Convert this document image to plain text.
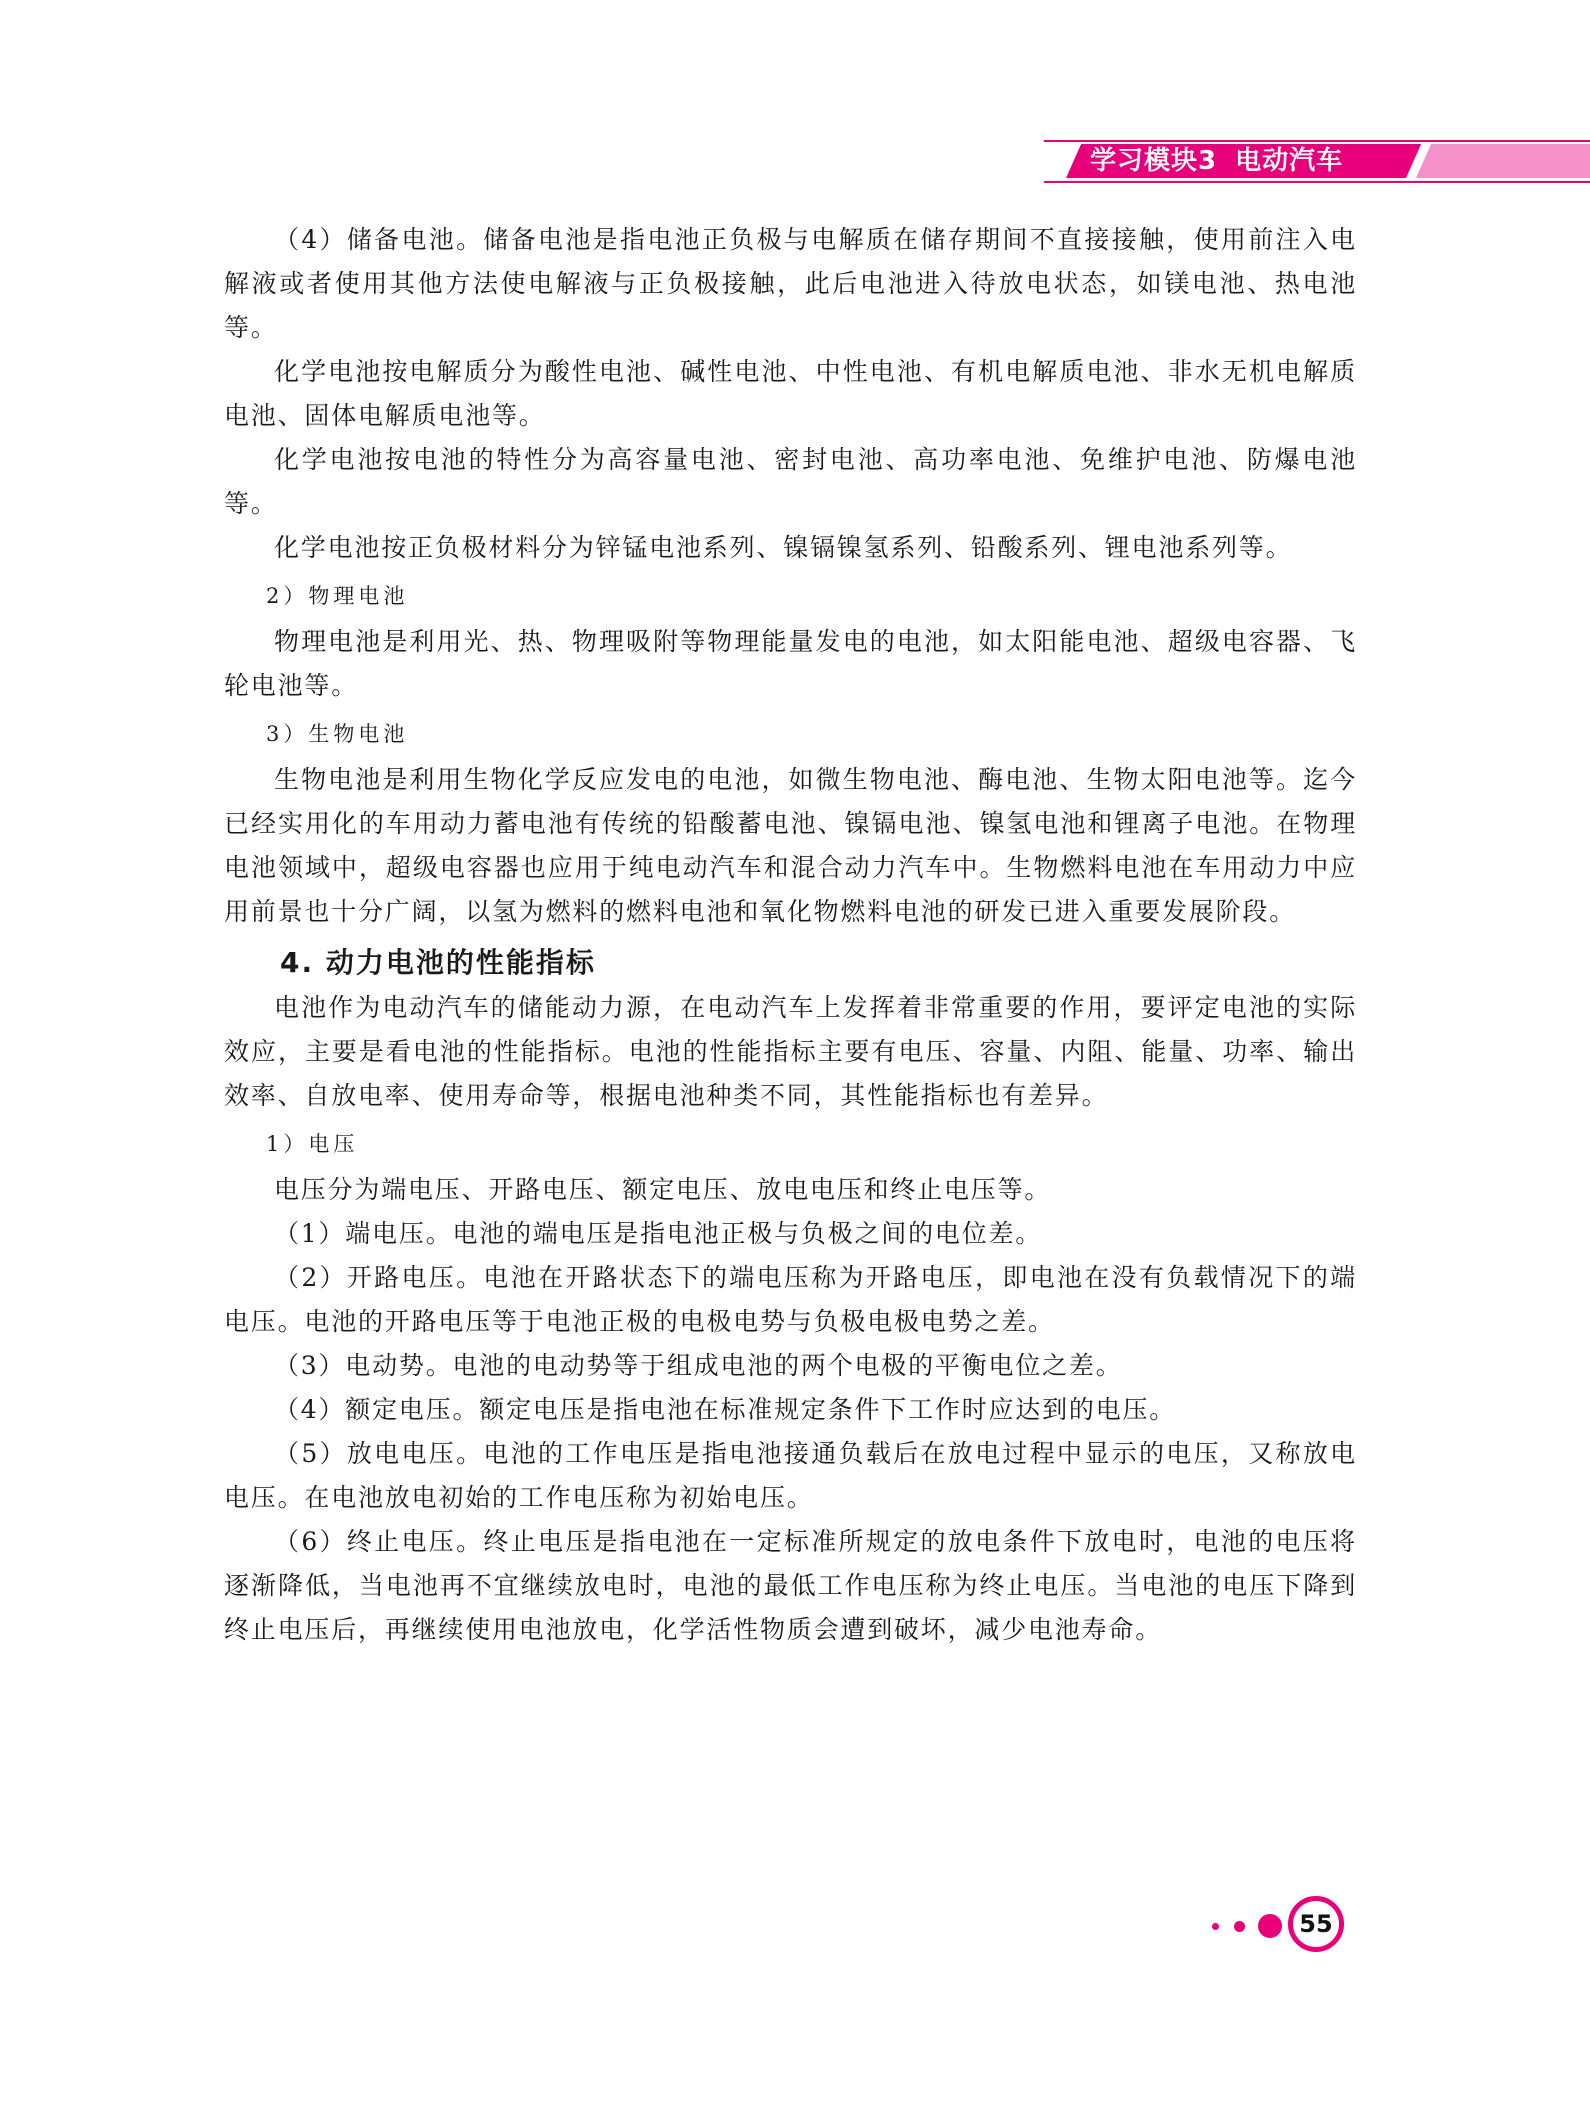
学习模块3 电动汽车

（4）储备电池。储备电池是指电池正负极与电解质在储存期间不直接接触，使用前注入电解液或者使用其他方法使电解液与正负极接触，此后电池进入待放电状态，如镁电池、热电池等。

化学电池按电解质分为酸性电池、碱性电池、中性电池、有机电解质电池、非水无机电解质电池、固体电解质电池等。

化学电池按电池的特性分为高容量电池、密封电池、高功率电池、免维护电池、防爆电池等。

化学电池按正负极材料分为锌锰电池系列、镍镉镍氢系列、铅酸系列、锂电池系列等。

2）物理电池

物理电池是利用光、热、物理吸附等物理能量发电的电池，如太阳能电池、超级电容器、飞轮电池等。

3）生物电池

生物电池是利用生物化学反应发电的电池，如微生物电池、酶电池、生物太阳电池等。迄今已经实用化的车用动力蓄电池有传统的铅酸蓄电池、镍镉电池、镍氢电池和锂离子电池。在物理电池领域中，超级电容器也应用于纯电动汽车和混合动力汽车中。生物燃料电池在车用动力中应用前景也十分广阔，以氢为燃料的燃料电池和氧化物燃料电池的研发已进入重要发展阶段。

4. 动力电池的性能指标

电池作为电动汽车的储能动力源，在电动汽车上发挥着非常重要的作用，要评定电池的实际效应，主要是看电池的性能指标。电池的性能指标主要有电压、容量、内阻、能量、功率、输出效率、自放电率、使用寿命等，根据电池种类不同，其性能指标也有差异。

1）电压

电压分为端电压、开路电压、额定电压、放电电压和终止电压等。

（1）端电压。电池的端电压是指电池正极与负极之间的电位差。

（2）开路电压。电池在开路状态下的端电压称为开路电压，即电池在没有负载情况下的端电压。电池的开路电压等于电池正极的电极电势与负极电极电势之差。

（3）电动势。电池的电动势等于组成电池的两个电极的平衡电位之差。

（4）额定电压。额定电压是指电池在标准规定条件下工作时应达到的电压。

（5）放电电压。电池的工作电压是指电池接通负载后在放电过程中显示的电压，又称放电电压。在电池放电初始的工作电压称为初始电压。

（6）终止电压。终止电压是指电池在一定标准所规定的放电条件下放电时，电池的电压将逐渐降低，当电池再不宜继续放电时，电池的最低工作电压称为终止电压。当电池的电压下降到终止电压后，再继续使用电池放电，化学活性物质会遭到破坏，减少电池寿命。

55
